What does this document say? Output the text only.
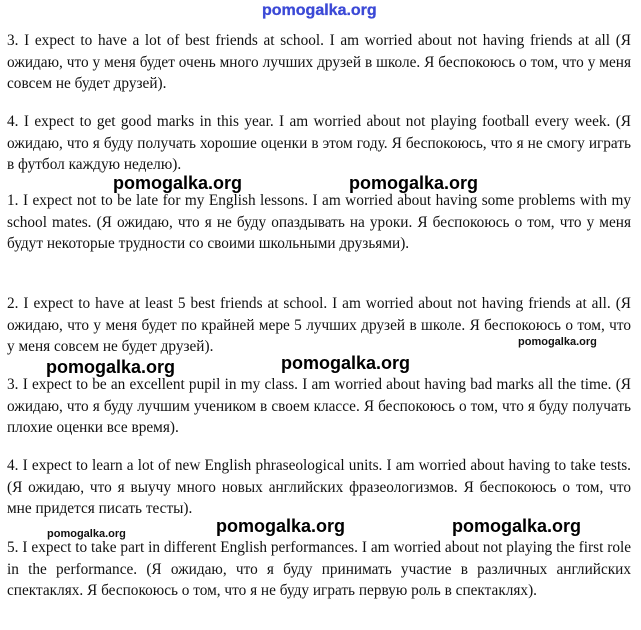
pomogalka.org

3. I expect to have a lot of best friends at school. I am worried about not having friends at all (Я ожидаю, что у меня будет очень много лучших друзей в школе. Я беспокоюсь о том, что у меня совсем не будет друзей).

4. I expect to get good marks in this year. I am worried about not playing football every week. (Я ожидаю, что я буду получать хорошие оценки в этом году. Я беспокоюсь, что я не смогу играть в футбол каждую неделю).

pomogalka.org	pomogalka.org

1. I expect not to be late for my English lessons. I am worried about having some problems with my school mates. (Я ожидаю, что я не буду опаздывать на уроки. Я беспокоюсь о том, что у меня будут некоторые трудности со своими школьными друзьями).

2. I expect to have at least 5 best friends at school. I am worried about not having friends at all. (Я ожидаю, что у меня будет по крайней мере 5 лучших друзей в школе. Я беспокоюсь о том, что у меня совсем не будет друзей).	pomogalka.org
pomogalka.org
pomogalka.org

3. I expect to be an excellent pupil in my class. I am worried about having bad marks all the time. (Я ожидаю, что я буду лучшим учеником в своем классе. Я беспокоюсь о том, что я буду получать плохие оценки все время).

4. I expect to learn a lot of new English phraseological units. I am worried about having to take tests. (Я ожидаю, что я выучу много новых английских фразеологизмов. Я беспокоюсь о том, что мне придется писать тесты).

pomogalka.org	pomogalka.org
pomogalka.org

5. I expect to take part in different English performances. I am worried about not playing the first role in the performance. (Я ожидаю, что я буду принимать участие в различных английских спектаклях. Я беспокоюсь о том, что я не буду играть первую роль в спектаклях).
